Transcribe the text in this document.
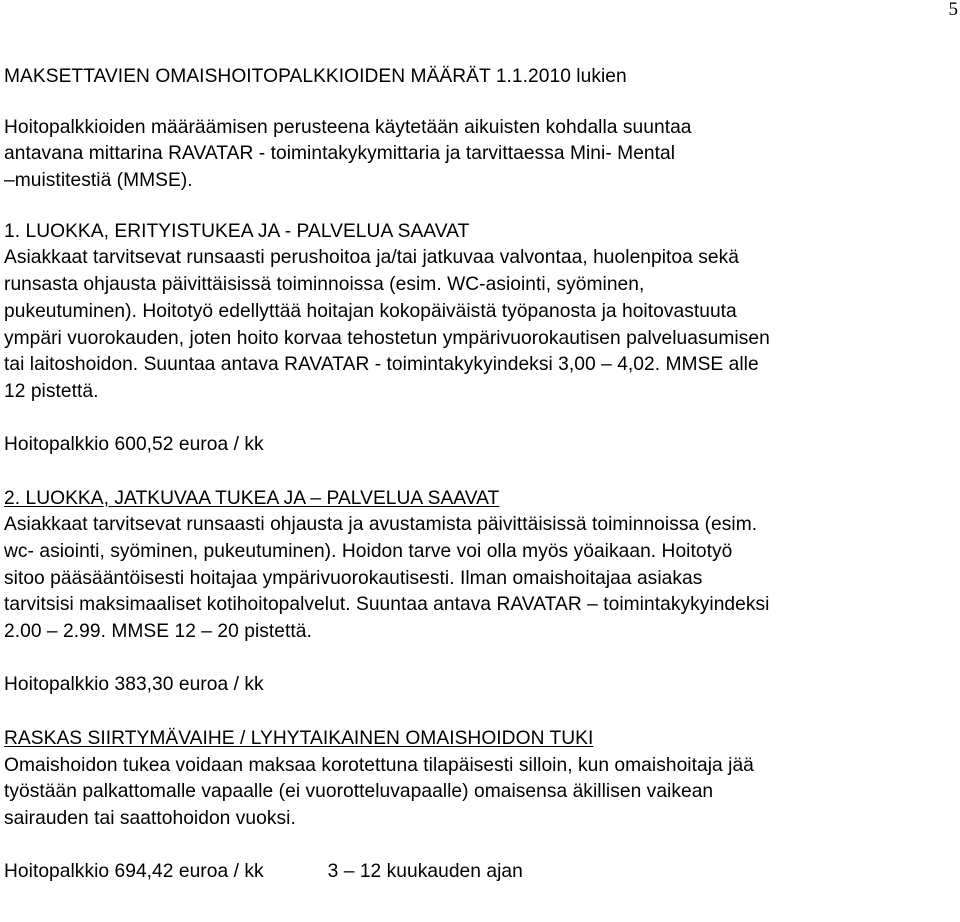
5
MAKSETTAVIEN OMAISHOITOPALKKIOIDEN MÄÄRÄT 1.1.2010 lukien
Hoitopalkkioiden määräämisen perusteena käytetään aikuisten kohdalla suuntaa
antavana mittarina RAVATAR - toimintakykymittaria ja tarvittaessa Mini- Mental
–muistitestiä (MMSE).
1. LUOKKA, ERITYISTUKEA JA - PALVELUA SAAVAT
Asiakkaat tarvitsevat runsaasti perushoitoa ja/tai jatkuvaa valvontaa, huolenpitoa sekä
runsasta ohjausta päivittäisissä toiminnoissa (esim. WC-asiointi, syöminen,
pukeutuminen). Hoitotyö edellyttää hoitajan kokopäiväistä työpanosta ja hoitovastuuta
ympäri vuorokauden, joten hoito korvaa tehostetun ympärivuorokautisen palveluasumisen
tai laitoshoidon. Suuntaa antava RAVATAR - toimintakykyindeksi 3,00 – 4,02. MMSE alle
12 pistettä.
Hoitopalkkio 600,52 euroa / kk
2. LUOKKA, JATKUVAA TUKEA JA – PALVELUA SAAVAT
Asiakkaat tarvitsevat runsaasti ohjausta ja avustamista päivittäisissä toiminnoissa (esim.
wc- asiointi, syöminen, pukeutuminen). Hoidon tarve voi olla myös yöaikaan. Hoitotyö
sitoo pääsääntöisesti hoitajaa ympärivuorokautisesti. Ilman omaishoitajaa asiakas
tarvitsisi maksimaaliset kotihoitopalvelut. Suuntaa antava RAVATAR – toimintakykyindeksi
2.00 – 2.99. MMSE 12 – 20 pistettä.
Hoitopalkkio 383,30 euroa / kk
RASKAS SIIRTYMÄVAIHE / LYHYTAIKAINEN OMAISHOIDON TUKI
Omaishoidon tukea voidaan maksaa korotettuna tilapäisesti silloin, kun omaishoitaja jää
työstään palkattomalle vapaalle (ei vuorotteluvapaalle) omaisensa äkillisen vaikean
sairauden tai saattohoidon vuoksi.
Hoitopalkkio 694,42 euroa / kk	3 – 12 kuukauden ajan
